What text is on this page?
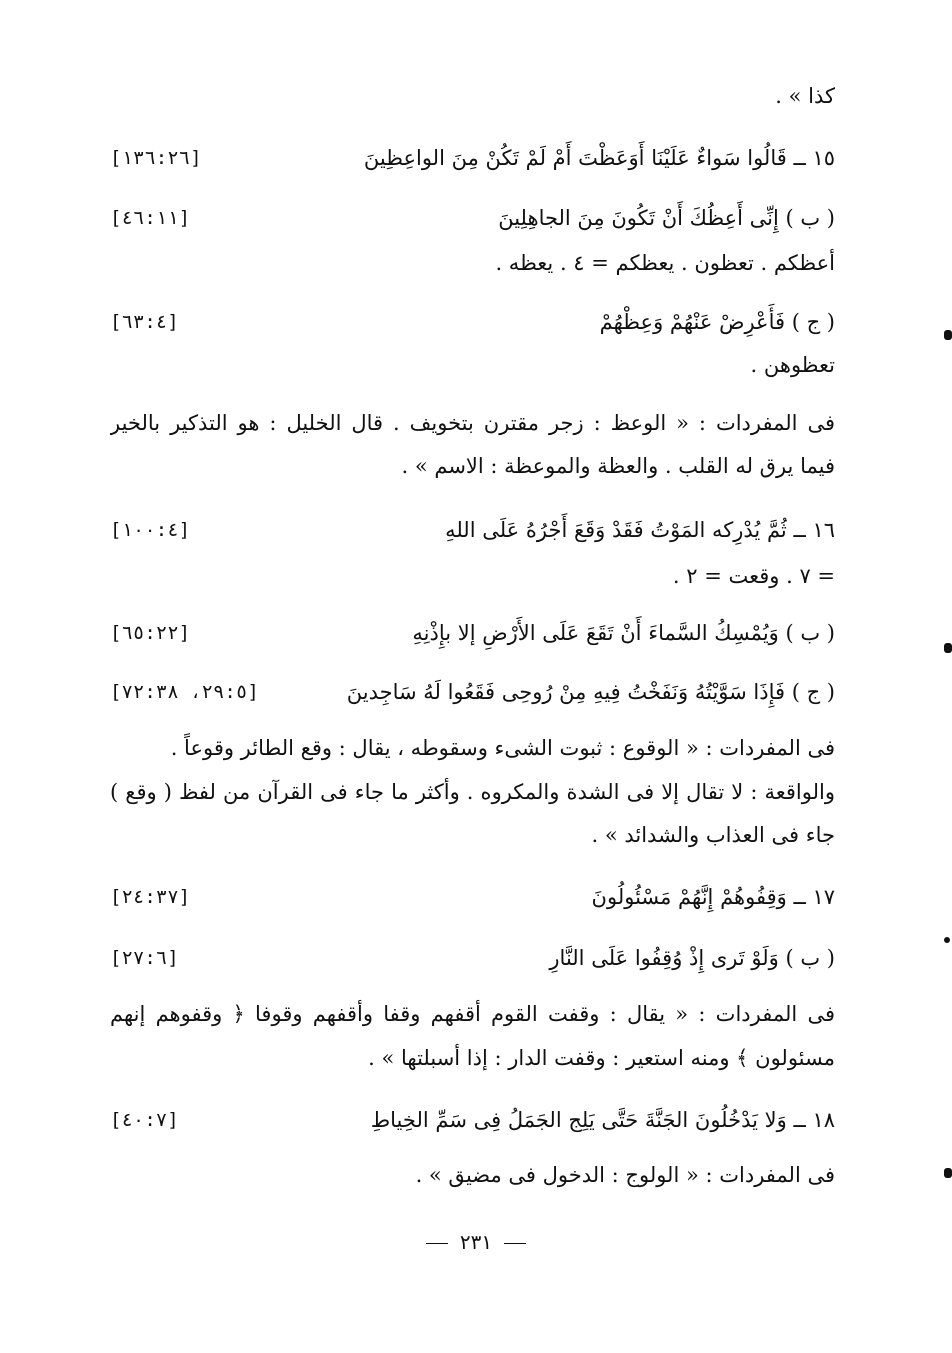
كذا » .
١٥ ــ قَالُوا سَواءٌ عَلَيْنَا أَوَعَظْتَ أَمْ لَمْ تَكُنْ مِنَ الواعِظِينَ
[١٣٦:٢٦]
( ب ) إِنِّى أَعِظُكَ أَنْ تَكُونَ مِنَ الجاهِلِينَ
[٤٦:١١]
أعظكم . تعظون . يعظكم = ٤ . يعظه .
( ج ) فَأَعْرِضْ عَنْهُمْ وَعِظْهُمْ
[٦٣:٤]
تعظوهن .
فى المفردات : « الوعظ : زجر مقترن بتخويف . قال الخليل : هو التذكير بالخير
فيما يرق له القلب . والعظة والموعظة : الاسم » .
١٦ ــ ثُمَّ يُدْرِكه المَوْتُ فَقَدْ وَقَعَ أَجْرُهُ عَلَى اللهِ
[١٠٠:٤]
= ٧ . وقعت = ٢ .
( ب ) وَيُمْسِكُ السَّماءَ أَنْ تَقَعَ عَلَى الأَرْضِ إلا بإِذْنِهِ
[٦٥:٢٢]
( ج ) فَإِذَا سَوَّيْتُهُ وَنَفَخْتُ فِيهِ مِنْ رُوحِى فَقَعُوا لَهُ سَاجِدينَ
[٢٩:٥، ٧٢:٣٨]
فى المفردات : « الوقوع : ثبوت الشىء وسقوطه ، يقال : وقع الطائر وقوعاً .
والواقعة : لا تقال إلا فى الشدة والمكروه . وأكثر ما جاء فى القرآن من لفظ ( وقع )
جاء فى العذاب والشدائد » .
١٧ ــ وَقِفُوهُمْ إِنَّهُمْ مَسْئُولُونَ
[٢٤:٣٧]
( ب ) وَلَوْ تَرى إِذْ وُقِفُوا عَلَى النَّارِ
[٢٧:٦]
فى المفردات : « يقال : وقفت القوم أقفهم وقفا وأقفهم وقوفا ﴿ وقفوهم إنهم
مسئولون ﴾ ومنه استعير : وقفت الدار : إذا أسبلتها » .
١٨ ــ وَلا يَدْخُلُونَ الجَنَّةَ حَتَّى يَلِج الجَمَلُ فِى سَمِّ الخِياطِ
[٤٠:٧]
فى المفردات : « الولوج : الدخول فى مضيق » .
٢٣١
